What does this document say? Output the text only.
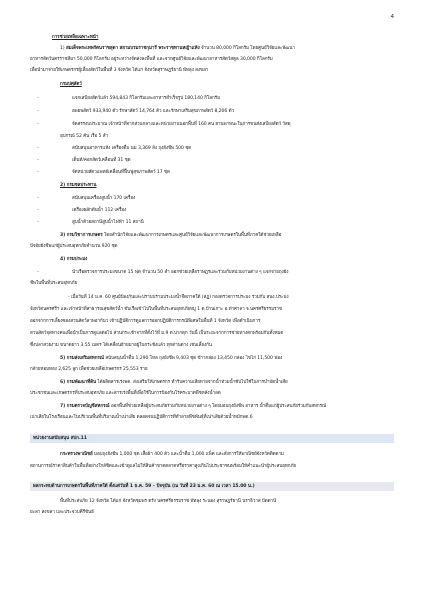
4
การช่วยเหลือเฉพาะหน้า
1) สมเด็จพระเทพรัตนราชสุดา สยามบรมราชกุมารี พระราชทานหญ้าแห้ง จำนวน 80,000 กิโลกรัม โดยศูนย์วิจัยและพัฒนา
อาหารสัตว์นครราชสีมา 50,000 กิโลกรัม อยู่ระหว่างจัดส่งลงพื้นที่ และจากศูนย์วิจัยและพัฒนาอาหารสัตว์สตูล 30,000 กิโลกรัม
เพื่อนำมาจ่ายให้เกษตรกรผู้เลี้ยงสัตว์ในพื้นที่ 3 จังหวัด ได้แก่ จังหวัดสุราษฎร์ธานี พัทลุง สงขลา
กรมปศุสัตว์
-	แจกเสบียงสัตว์แล้ว 594,843 กิโลกรัมและอาหารสำเร็จรูป 180,140 กิโลกรัม
-	อพยพสัตว์ 933,940 ตัว รักษาสัตว์ 14,764 ตัว และรักษาเสริมสุขภาพสัตว์ 8,206 ตัว
-	จัดสรรงบประมาณ เจ้าหน้าที่จากส่วนกลางและหน่วยงานนอกพื้นที่ 160 คน ยานพาหนะในการขนส่งเสบียงสัตว์ วัสดุ
อุปกรณ์ 52 คัน เรือ 5 ลำ
-	สนับสนุนอาหารแห้ง เครื่องดื่ม นม 3,369 ลัง ถุงยังชีพ 500 ชุด
-	เต็นท์/คอกสัตว์เคลื่อนที่ 31 ชุด
-	จัดหน่วยสัตวแพทย์เคลื่อนที่ฟื้นฟูสุขภาพสัตว์ 17 ชุด
2) กรมชลประทาน
-	สนับสนุนเครื่องสูบน้ำ 170 เครื่อง
-	เครื่องผลักดันน้ำ 112 เครื่อง
-	สูบน้ำด้วยสถานีสูบน้ำไฟฟ้า 11 สถานี
3) กรมวิชาการเกษตร โดยสำนักวิจัยและพัฒนาการเกษตรและศูนย์วิจัยและพัฒนาการเกษตรในพื้นที่ภาคใต้ช่วยเหลือ
ปัจจัยยังชีพแก่ผู้ประสบอุทกภัยจำนวน 920 ชุด
4) กรมประมง
-	นำเรือตรวจการประมงขนาด 15 ฟุต จำนวน 50 ลำ ออกช่วยเหลือราษฎรและร่วมกับหน่วยงานต่าง ๆ แจกจ่ายถุงยัง
ชีพในพื้นที่ประสบอุทกภัย
- เมื่อวันที่ 14 ม.ค. 60 ศูนย์ป้องกันและปราบปรามประมงน้ำจืดภาคใต้ (สฏ) กองตรวจการประมง ร่วมกับ สนง.ประมง
จังหวัดนครศรีฯ และเจ้าหน้าที่สาธารณสุขสัตว์น้ำ ขับเรือเข้าไปในพื้นที่ประสบอุทกภัยหมู่ 1 ต.บ้านเกาะ อ.ท่าศาลา จ.นครศรีธรรมราช
ออกจากการเลี้ยงซองสวนสัตว์ลาพอากันว เข้าปฏิบัติการดูแลการออกปฏิบัติการกรณีพิเศษในพื้นที่ 1 จังหวัด เพื่อดำเนินการ
สวนสัตว์จุดทางคนเพื่อนำเป็นการดูแลต่อไป ส่วนกระเช้าจากที่ตั้งไว้ที่ ม.9 ต.ปากดุก วันนี้ เป็นระยะจากการช่วยทางตกพร้อมกันทั้งหมด
ซึ่งปลาสวยงาม ขนาดยาว 3.55 เมตร ได้เคลื่อนย้ายมาอยู่ในกระชังแล้ว ทุกด่านต่าง เช่นเลี้ยงกัน
5) กรมส่งเสริมสหกรณ์ สนับสนุนน้ำดื่ม 1,290 โหล ถุงยังชีพ 9,403 ชุด ข้าวกล่อง 13,450 กล่อง ไข่ไก่ 11,500 ฟอง
กล้วยหอมทอง 2,625 ลูก เพื่อช่วยเหลือเกษตรกร 25,553 ราย
6) กรมพัฒนาที่ดิน ได้ผลิตสารเร่งพด. ส่งเสริมให้เกษตรกร ทำรับความเสียหายจากน้ำท่วมน้ำซับไปใช้ในการบำบัดน้ำเสีย
ประชาชนและเกษตรกรที่ประสบอุทกภัย และสารเร่งพื้นที่เพื่อใช้ในการป้องกันโรคระบาดพืชหลังน้ำลด
7) กรมตรวจบัญชีสหกรณ์ ออกพื้นที่ช่วยเหลือผู้ประสบภัยร่วมกับหน่วยงานต่าง ๆ โดยมอบถุงยังชีพ อาหาร น้ำดื่มแก่ผู้ประสบภัยร่วมกับสหกรณ์
เน่าเสียในโรงเรือนและในบริเวณพื้นที่ปริมาณน้ำเน่าเสีย ตลอดจนปฏิบัติการที่ทำลายพืชพันธุ์ที่เน่าเสียด้วยน้ำหมักพด.6
หน่วยงานสนับสนุน สปก.11
กระทรวงพาณิชย์ มอบถุงยังชีพ 1,000 ชุด เสื้อผ้า 400 ตัว และน้ำดื่ม 1,000 แพ็ค และสั่งการให้พาณิชย์จังหวัดติดตาม
สถานการณ์ราคาสินค้าในพื้นที่อย่างใกล้ชิดและเข้าดูแลไม่ให้สินค้าขาดตลาดหรือราคาสูงเกินไปประชาชนพร้อมให้คำแนะนำผู้ประสบอุทกภัย
ผลกระทบด้านการเกษตรในพื้นที่ภาคใต้ ตั้งแต่วันที่ 1 ธ.ค. 59 – ปัจจุบัน (ณ วันที่ 23 ม.ค. 60 ณ เวลา 15.00 น.)
พื้นที่ประสบภัย 12 จังหวัด ได้แก่ จังหวัดชุมพร ตรัง นครศรีธรรมราช พัทลุง ระนอง สุราษฎร์ธานี นราธิวาส ปัตตานี
ยะลา สงขลา และประจวบคีรีขันธ์
